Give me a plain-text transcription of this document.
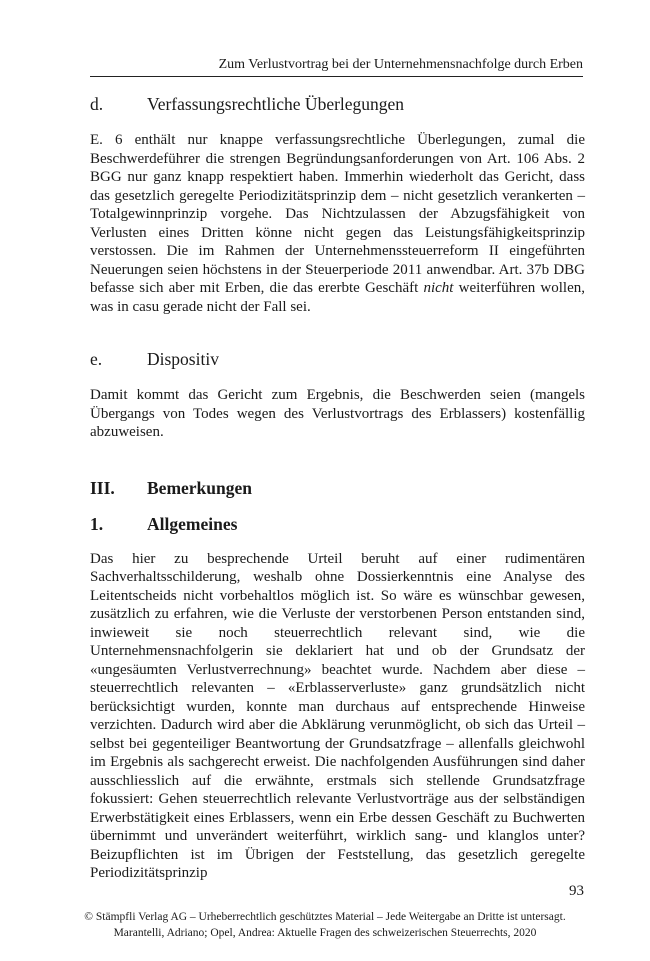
Zum Verlustvortrag bei der Unternehmensnachfolge durch Erben
d.	Verfassungsrechtliche Überlegungen

E. 6 enthält nur knappe verfassungsrechtliche Überlegungen, zumal die Beschwerdeführer die strengen Begründungsanforderungen von Art. 106 Abs. 2 BGG nur ganz knapp respektiert haben. Immerhin wiederholt das Gericht, dass das gesetzlich geregelte Periodizitätsprinzip dem – nicht gesetzlich verankerten – Totalgewinnprinzip vorgehe. Das Nichtzulassen der Abzugsfähigkeit von Verlusten eines Dritten könne nicht gegen das Leistungsfähigkeitsprinzip verstossen. Die im Rahmen der Unternehmenssteuerreform II eingeführten Neuerungen seien höchstens in der Steuerperiode 2011 anwendbar. Art. 37b DBG befasse sich aber mit Erben, die das ererbte Geschäft nicht weiterführen wollen, was in casu gerade nicht der Fall sei.

e.	Dispositiv

Damit kommt das Gericht zum Ergebnis, die Beschwerden seien (mangels Übergangs von Todes wegen des Verlustvortrags des Erblassers) kostenfällig abzuweisen.

III.	Bemerkungen
1.	Allgemeines

Das hier zu besprechende Urteil beruht auf einer rudimentären Sachverhaltsschilderung, weshalb ohne Dossierkenntnis eine Analyse des Leitentscheids nicht vorbehaltlos möglich ist. So wäre es wünschbar gewesen, zusätzlich zu erfahren, wie die Verluste der verstorbenen Person entstanden sind, inwieweit sie noch steuerrechtlich relevant sind, wie die Unternehmensnachfolgerin sie deklariert hat und ob der Grundsatz der «ungesäumten Verlustverrechnung» beachtet wurde. Nachdem aber diese – steuerrechtlich relevanten – «Erblasserverluste» ganz grundsätzlich nicht berücksichtigt wurden, konnte man durchaus auf entsprechende Hinweise verzichten. Dadurch wird aber die Abklärung verunmöglicht, ob sich das Urteil – selbst bei gegenteiliger Beantwortung der Grundsatzfrage – allenfalls gleichwohl im Ergebnis als sachgerecht erweist. Die nachfolgenden Ausführungen sind daher ausschliesslich auf die erwähnte, erstmals sich stellende Grundsatzfrage fokussiert: Gehen steuerrechtlich relevante Verlustvorträge aus der selbständigen Erwerbstätigkeit eines Erblassers, wenn ein Erbe dessen Geschäft zu Buchwerten übernimmt und unverändert weiterführt, wirklich sang- und klanglos unter? Beizupflichten ist im Übrigen der Feststellung, das gesetzlich geregelte Periodizitätsprinzip

93
© Stämpfli Verlag AG – Urheberrechtlich geschütztes Material – Jede Weitergabe an Dritte ist untersagt.
Marantelli, Adriano; Opel, Andrea: Aktuelle Fragen des schweizerischen Steuerrechts, 2020
